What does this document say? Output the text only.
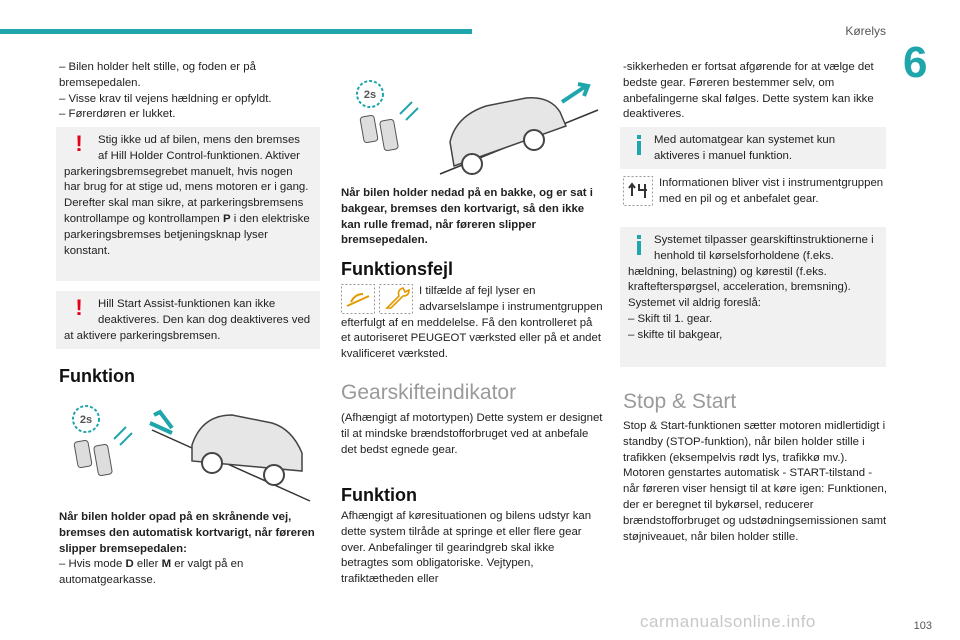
Kørelys
6

– Bilen holder helt stille, og foden er på bremsepedalen.

– Visse krav til vejens hældning er opfyldt.

– Førerdøren er lukket.

!	Stig ikke ud af bilen, mens den bremses af Hill Holder Control-funktionen. Aktiver parkeringsbremsegrebet manuelt, hvis nogen har brug for at stige ud, mens motoren er i gang. Derefter skal man sikre, at parkeringsbremsens kontrollampe og kontrollampen P i den elektriske parkeringsbremses betjeningsknap lyser konstant.
!	Hill Start Assist-funktionen kan ikke deaktiveres. Den kan dog deaktiveres ved at aktivere parkeringsbremsen.
Funktion
2s

Når bilen holder opad på en skrånende vej, bremses den automatisk kortvarigt, når føreren slipper bremsepedalen:

– Hvis mode D eller M er valgt på en automatgearkasse.

2s
Når bilen holder nedad på en bakke, og er sat i bakgear, bremses den kortvarigt, så den ikke kan rulle fremad, når føreren slipper bremsepedalen.
Funktionsfejl
I tilfælde af fejl lyser en advarselslampe i instrumentgruppen efterfulgt af en meddelelse. Få den kontrolleret på et autoriseret PEUGEOT værksted eller på et andet kvalificeret værksted.
Gearskifteindikator
(Afhængigt af motortypen) Dette system er designet til at mindske brændstofforbruget ved at anbefale det bedst egnede gear.
Funktion
Afhængigt af køresituationen og bilens udstyr kan dette system tilråde at springe et eller flere gear over. Anbefalinger til gearindgreb skal ikke betragtes som obligatoriske. Vejtypen, trafiktætheden eller
-sikkerheden er fortsat afgørende for at vælge det bedste gear. Føreren bestemmer selv, om anbefalingerne skal følges. Dette system kan ikke deaktiveres.
Med automatgear kan systemet kun aktiveres i manuel funktion.
Informationen bliver vist i instrumentgruppen med en pil og et anbefalet gear.

Systemet tilpasser gearskiftinstruktionerne i henhold til kørselsforholdene (f.eks. hældning, belastning) og kørestil (f.eks. kraftefterspørgsel, acceleration, bremsning).

Systemet vil aldrig foreslå:

– Skift til 1. gear.

– skifte til bakgear,

Stop & Start
Stop & Start-funktionen sætter motoren midlertidigt i standby (STOP-funktion), når bilen holder stille i trafikken (eksempelvis rødt lys, trafikkø mv.). Motoren genstartes automatisk - START-tilstand - når føreren viser hensigt til at køre igen: Funktionen, der er beregnet til bykørsel, reducerer brændstofforbruget og udstødningsemissionen samt støjniveauet, når bilen holder stille.
103
carmanualsonline.info
